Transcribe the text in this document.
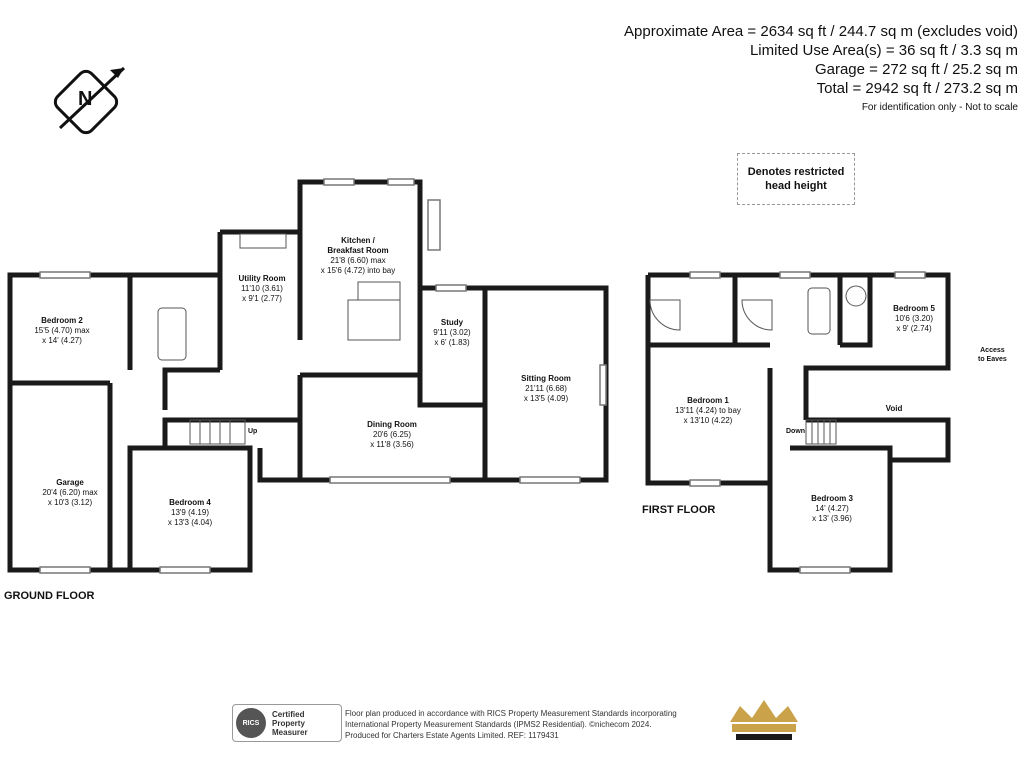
Approximate Area = 2634 sq ft / 244.7 sq m (excludes void)
Limited Use Area(s) = 36 sq ft / 3.3 sq m
Garage = 272 sq ft / 25.2 sq m
Total = 2942 sq ft / 273.2 sq m
For identification only - Not to scale
N
Denotes restricted
head height
Bedroom 2
15'5 (4.70) max
x 14' (4.27)
Utility Room
11'10 (3.61)
x 9'1 (2.77)
Kitchen /
Breakfast Room
21'8 (6.60) max
x 15'6 (4.72) into bay
Study
9'11 (3.02)
x 6' (1.83)
Sitting Room
21'11 (6.68)
x 13'5 (4.09)
Dining Room
20'6 (6.25)
x 11'8 (3.56)
Garage
20'4 (6.20) max
x 10'3 (3.12)	Bedroom 4
13'9 (4.19)
x 13'3 (4.04)
Up
Bedroom 1
13'11 (4.24) to bay
x 13'10 (4.22)
Bedroom 5
10'6 (3.20)
x 9' (2.74)
Void
Bedroom 3
14' (4.27)
x 13' (3.96)
Down
Access
to Eaves
GROUND FLOOR
FIRST FLOOR
RICS
Certified
Property
Measurer
Floor plan produced in accordance with RICS Property Measurement Standards incorporating
International Property Measurement Standards (IPMS2 Residential). ©nichecom 2024.
Produced for Charters Estate Agents Limited. REF: 1179431
